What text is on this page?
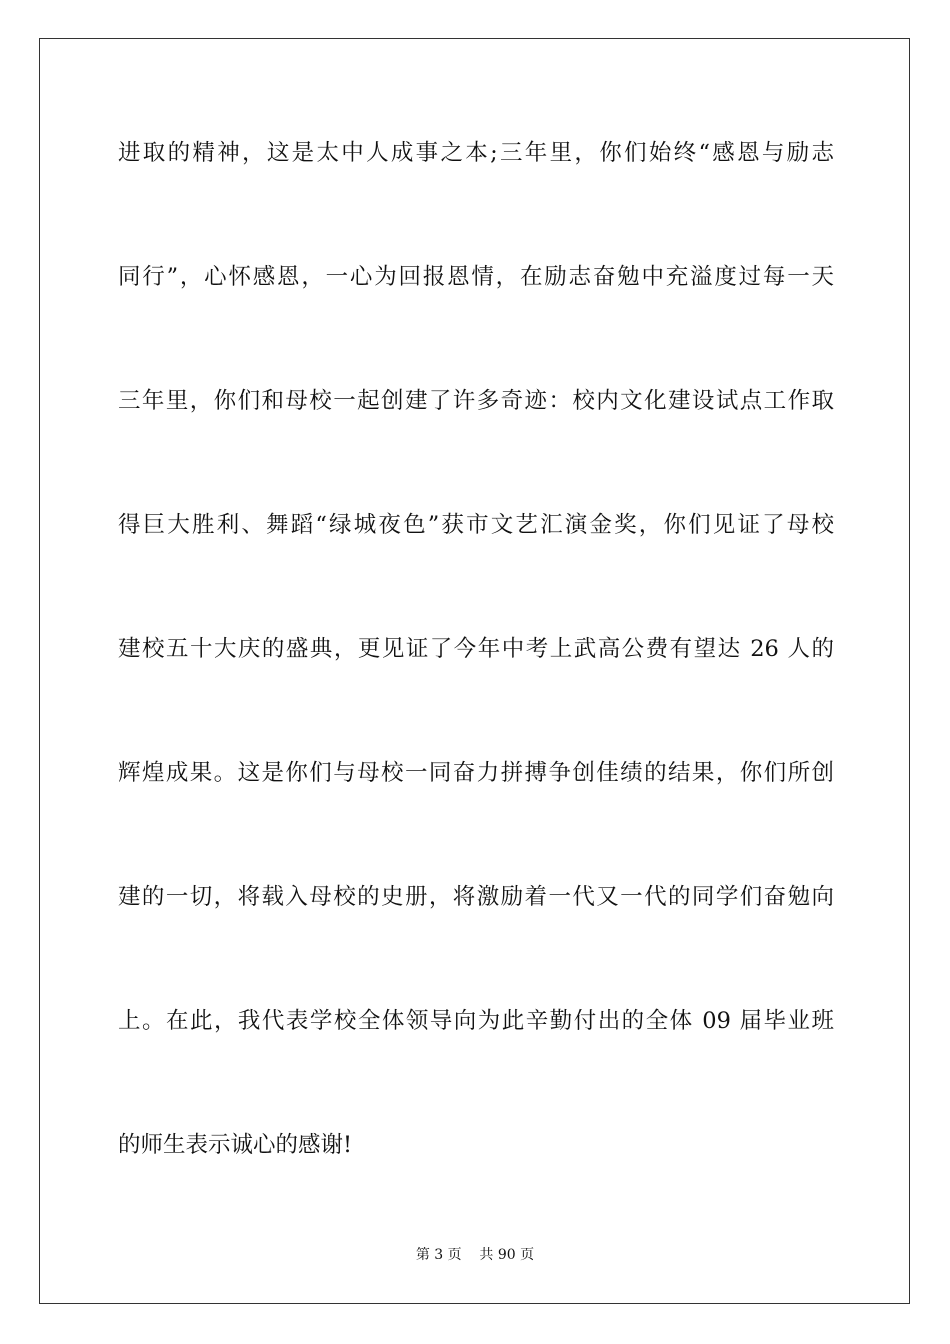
进取的精神，这是太中人成事之本;三年里，你们始终“感恩与励志
同行”，心怀感恩，一心为回报恩情，在励志奋勉中充溢度过每一天
三年里，你们和母校一起创建了许多奇迹：校内文化建设试点工作取
得巨大胜利、舞蹈“绿城夜色”获市文艺汇演金奖，你们见证了母校
建校五十大庆的盛典，更见证了今年中考上武高公费有望达 26 人的
辉煌成果。这是你们与母校一同奋力拼搏争创佳绩的结果，你们所创
建的一切，将载入母校的史册，将激励着一代又一代的同学们奋勉向
上。在此，我代表学校全体领导向为此辛勤付出的全体 09 届毕业班
的师生表示诚心的感谢!
第 3 页    共 90 页
